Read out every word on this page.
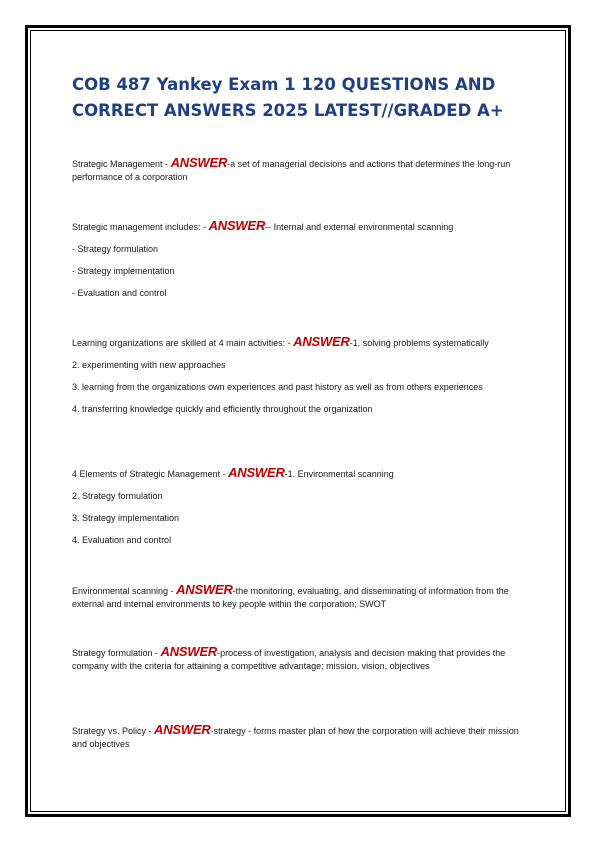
COB 487 Yankey Exam 1 120 QUESTIONS AND
CORRECT ANSWERS 2025 LATEST//GRADED A+

Strategic Management - ANSWER-a set of managerial decisions and actions that determines the long-run performance of a corporation

Strategic management includes: - ANSWER-- Internal and external environmental scanning

- Strategy formulation

- Strategy implementation

- Evaluation and control

Learning organizations are skilled at 4 main activities: - ANSWER-1. solving problems systematically

2. experimenting with new approaches

3. learning from the organizations own experiences and past history as well as from others experiences

4. transferring knowledge quickly and efficiently throughout the organization

4 Elements of Strategic Management - ANSWER-1. Environmental scanning

2. Strategy formulation

3. Strategy implementation

4. Evaluation and control

Environmental scanning - ANSWER-the monitoring, evaluating, and disseminating of information from the external and internal environments to key people within the corporation; SWOT

Strategy formulation - ANSWER-process of investigation, analysis and decision making that provides the company with the criteria for attaining a competitive advantage; mission, vision, objectives

Strategy vs. Policy - ANSWER-strategy - forms master plan of how the corporation will achieve their mission and objectives
